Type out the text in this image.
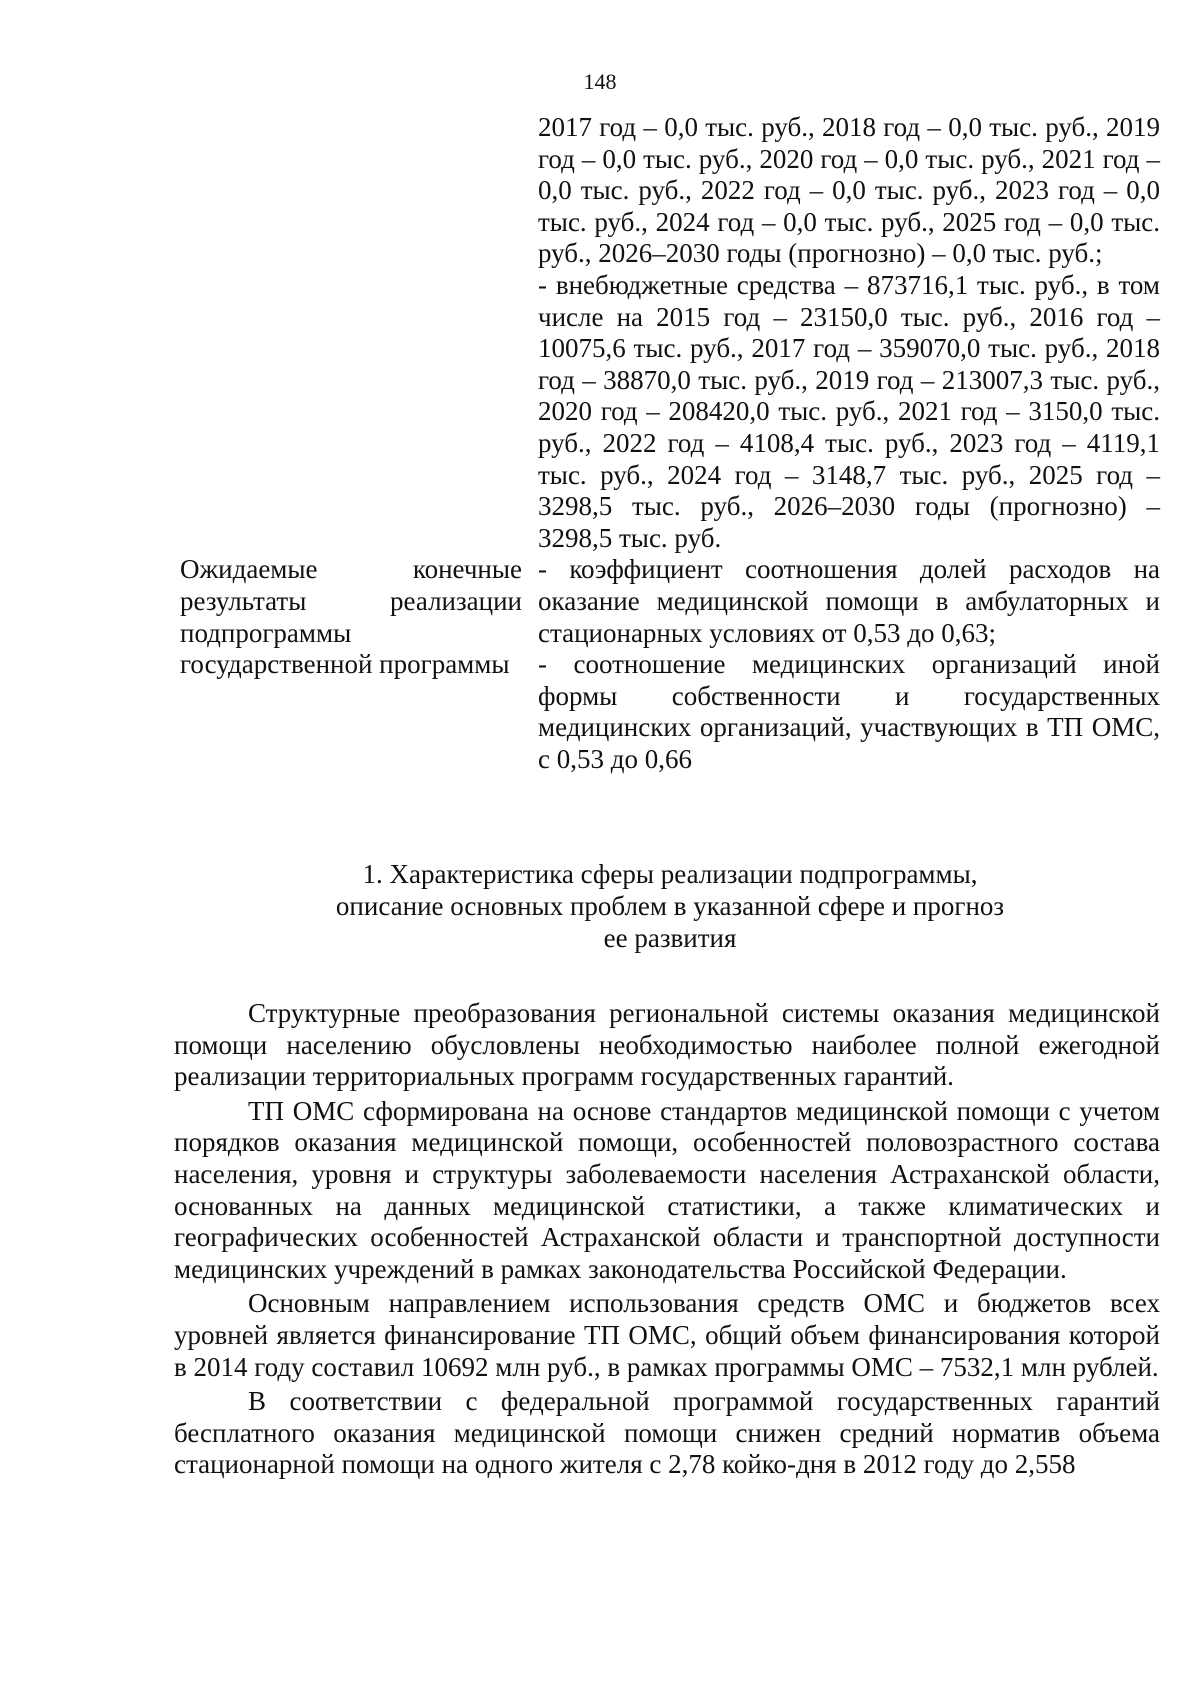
148

2017 год – 0,0 тыс. руб., 2018 год – 0,0 тыс. руб., 2019 год – 0,0 тыс. руб., 2020 год – 0,0 тыс. руб., 2021 год – 0,0 тыс. руб., 2022 год – 0,0 тыс. руб., 2023 год – 0,0 тыс. руб., 2024 год – 0,0 тыс. руб., 2025 год – 0,0 тыс. руб., 2026–2030 годы (прогнозно) – 0,0 тыс. руб.;

- внебюджетные средства – 873716,1 тыс. руб., в том числе на 2015 год – 23150,0 тыс. руб., 2016 год – 10075,6 тыс. руб., 2017 год – 359070,0 тыс. руб., 2018 год – 38870,0 тыс. руб., 2019 год – 213007,3 тыс. руб., 2020 год – 208420,0 тыс. руб., 2021 год – 3150,0 тыс. руб., 2022 год – 4108,4 тыс. руб., 2023 год – 4119,1 тыс. руб., 2024 год – 3148,7 тыс. руб., 2025 год – 3298,5 тыс. руб., 2026–2030 годы (прогнозно) – 3298,5 тыс. руб.

Ожидаемые конечные результаты реализации подпрограммы государственной программы

- коэффициент соотношения долей расходов на оказание медицинской помощи в амбулаторных и стационарных условиях от 0,53 до 0,63;

- соотношение медицинских организаций иной формы собственности и государственных медицинских организаций, участвующих в ТП ОМС, с 0,53 до 0,66

1. Характеристика сферы реализации подпрограммы,
описание основных проблем в указанной сфере и прогноз
ее развития

Структурные преобразования региональной системы оказания медицинской помощи населению обусловлены необходимостью наиболее полной ежегодной реализации территориальных программ государственных гарантий.

ТП ОМС сформирована на основе стандартов медицинской помощи с учетом порядков оказания медицинской помощи, особенностей половозрастного состава населения, уровня и структуры заболеваемости населения Астраханской области, основанных на данных медицинской статистики, а также климатических и географических особенностей Астраханской области и транспортной доступности медицинских учреждений в рамках законодательства Российской Федерации.

Основным направлением использования средств ОМС и бюджетов всех уровней является финансирование ТП ОМС, общий объем финансирования которой в 2014 году составил 10692 млн руб., в рамках программы ОМС – 7532,1 млн рублей.

В соответствии с федеральной программой государственных гарантий бесплатного оказания медицинской помощи снижен средний норматив объема стационарной помощи на одного жителя с 2,78 койко-дня в 2012 году до 2,558
